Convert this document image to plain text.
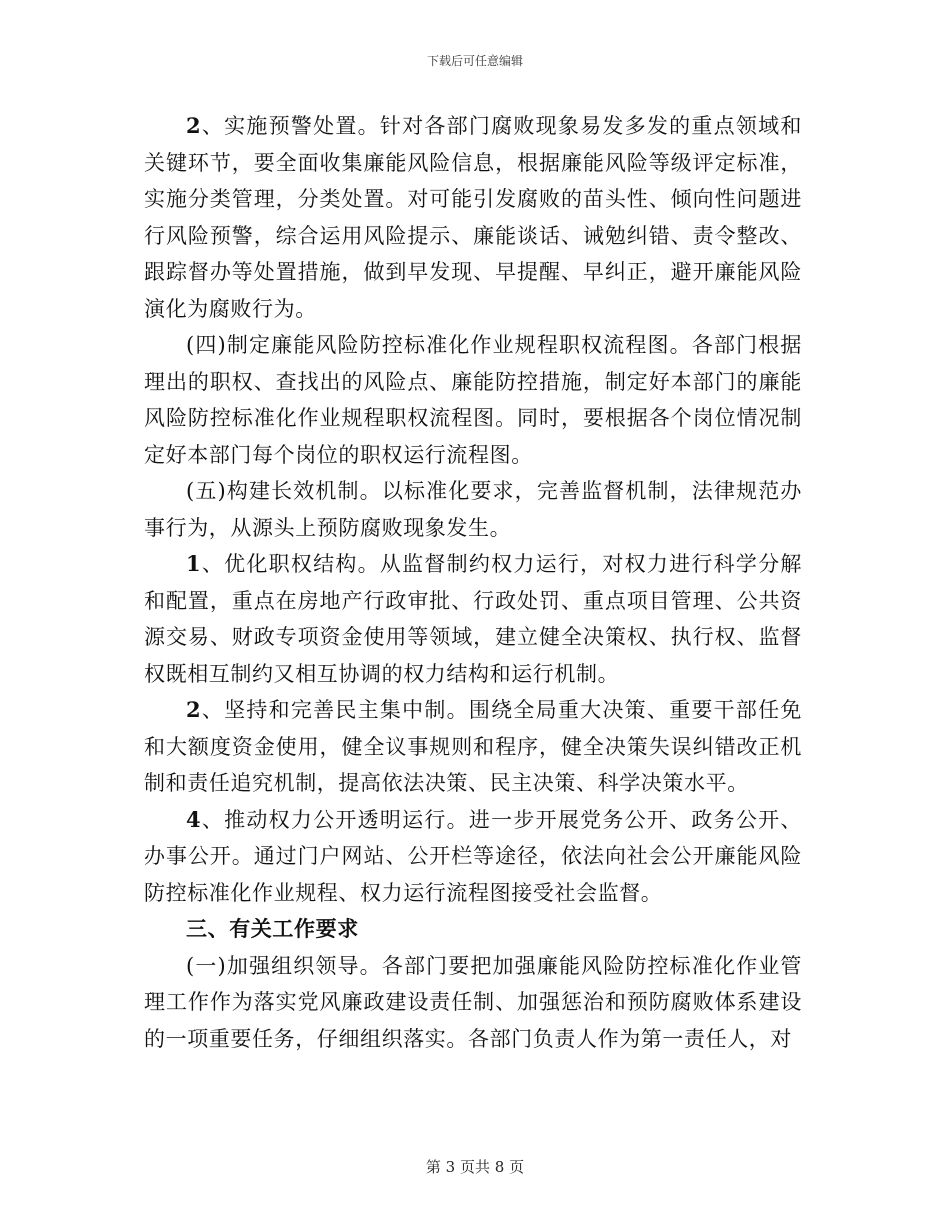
下载后可任意编辑

2、实施预警处置。针对各部门腐败现象易发多发的重点领域和关键环节，要全面收集廉能风险信息，根据廉能风险等级评定标准，实施分类管理，分类处置。对可能引发腐败的苗头性、倾向性问题进行风险预警，综合运用风险提示、廉能谈话、诫勉纠错、责令整改、跟踪督办等处置措施，做到早发现、早提醒、早纠正，避开廉能风险演化为腐败行为。

(四)制定廉能风险防控标准化作业规程职权流程图。各部门根据理出的职权、查找出的风险点、廉能防控措施，制定好本部门的廉能风险防控标准化作业规程职权流程图。同时，要根据各个岗位情况制定好本部门每个岗位的职权运行流程图。

(五)构建长效机制。以标准化要求，完善监督机制，法律规范办事行为，从源头上预防腐败现象发生。

1、优化职权结构。从监督制约权力运行，对权力进行科学分解和配置，重点在房地产行政审批、行政处罚、重点项目管理、公共资源交易、财政专项资金使用等领域，建立健全决策权、执行权、监督权既相互制约又相互协调的权力结构和运行机制。

2、坚持和完善民主集中制。围绕全局重大决策、重要干部任免和大额度资金使用，健全议事规则和程序，健全决策失误纠错改正机制和责任追究机制，提高依法决策、民主决策、科学决策水平。

4、推动权力公开透明运行。进一步开展党务公开、政务公开、办事公开。通过门户网站、公开栏等途径，依法向社会公开廉能风险防控标准化作业规程、权力运行流程图接受社会监督。

三、有关工作要求

(一)加强组织领导。各部门要把加强廉能风险防控标准化作业管理工作作为落实党风廉政建设责任制、加强惩治和预防腐败体系建设的一项重要任务，仔细组织落实。各部门负责人作为第一责任人，对

第 3 页共 8 页
